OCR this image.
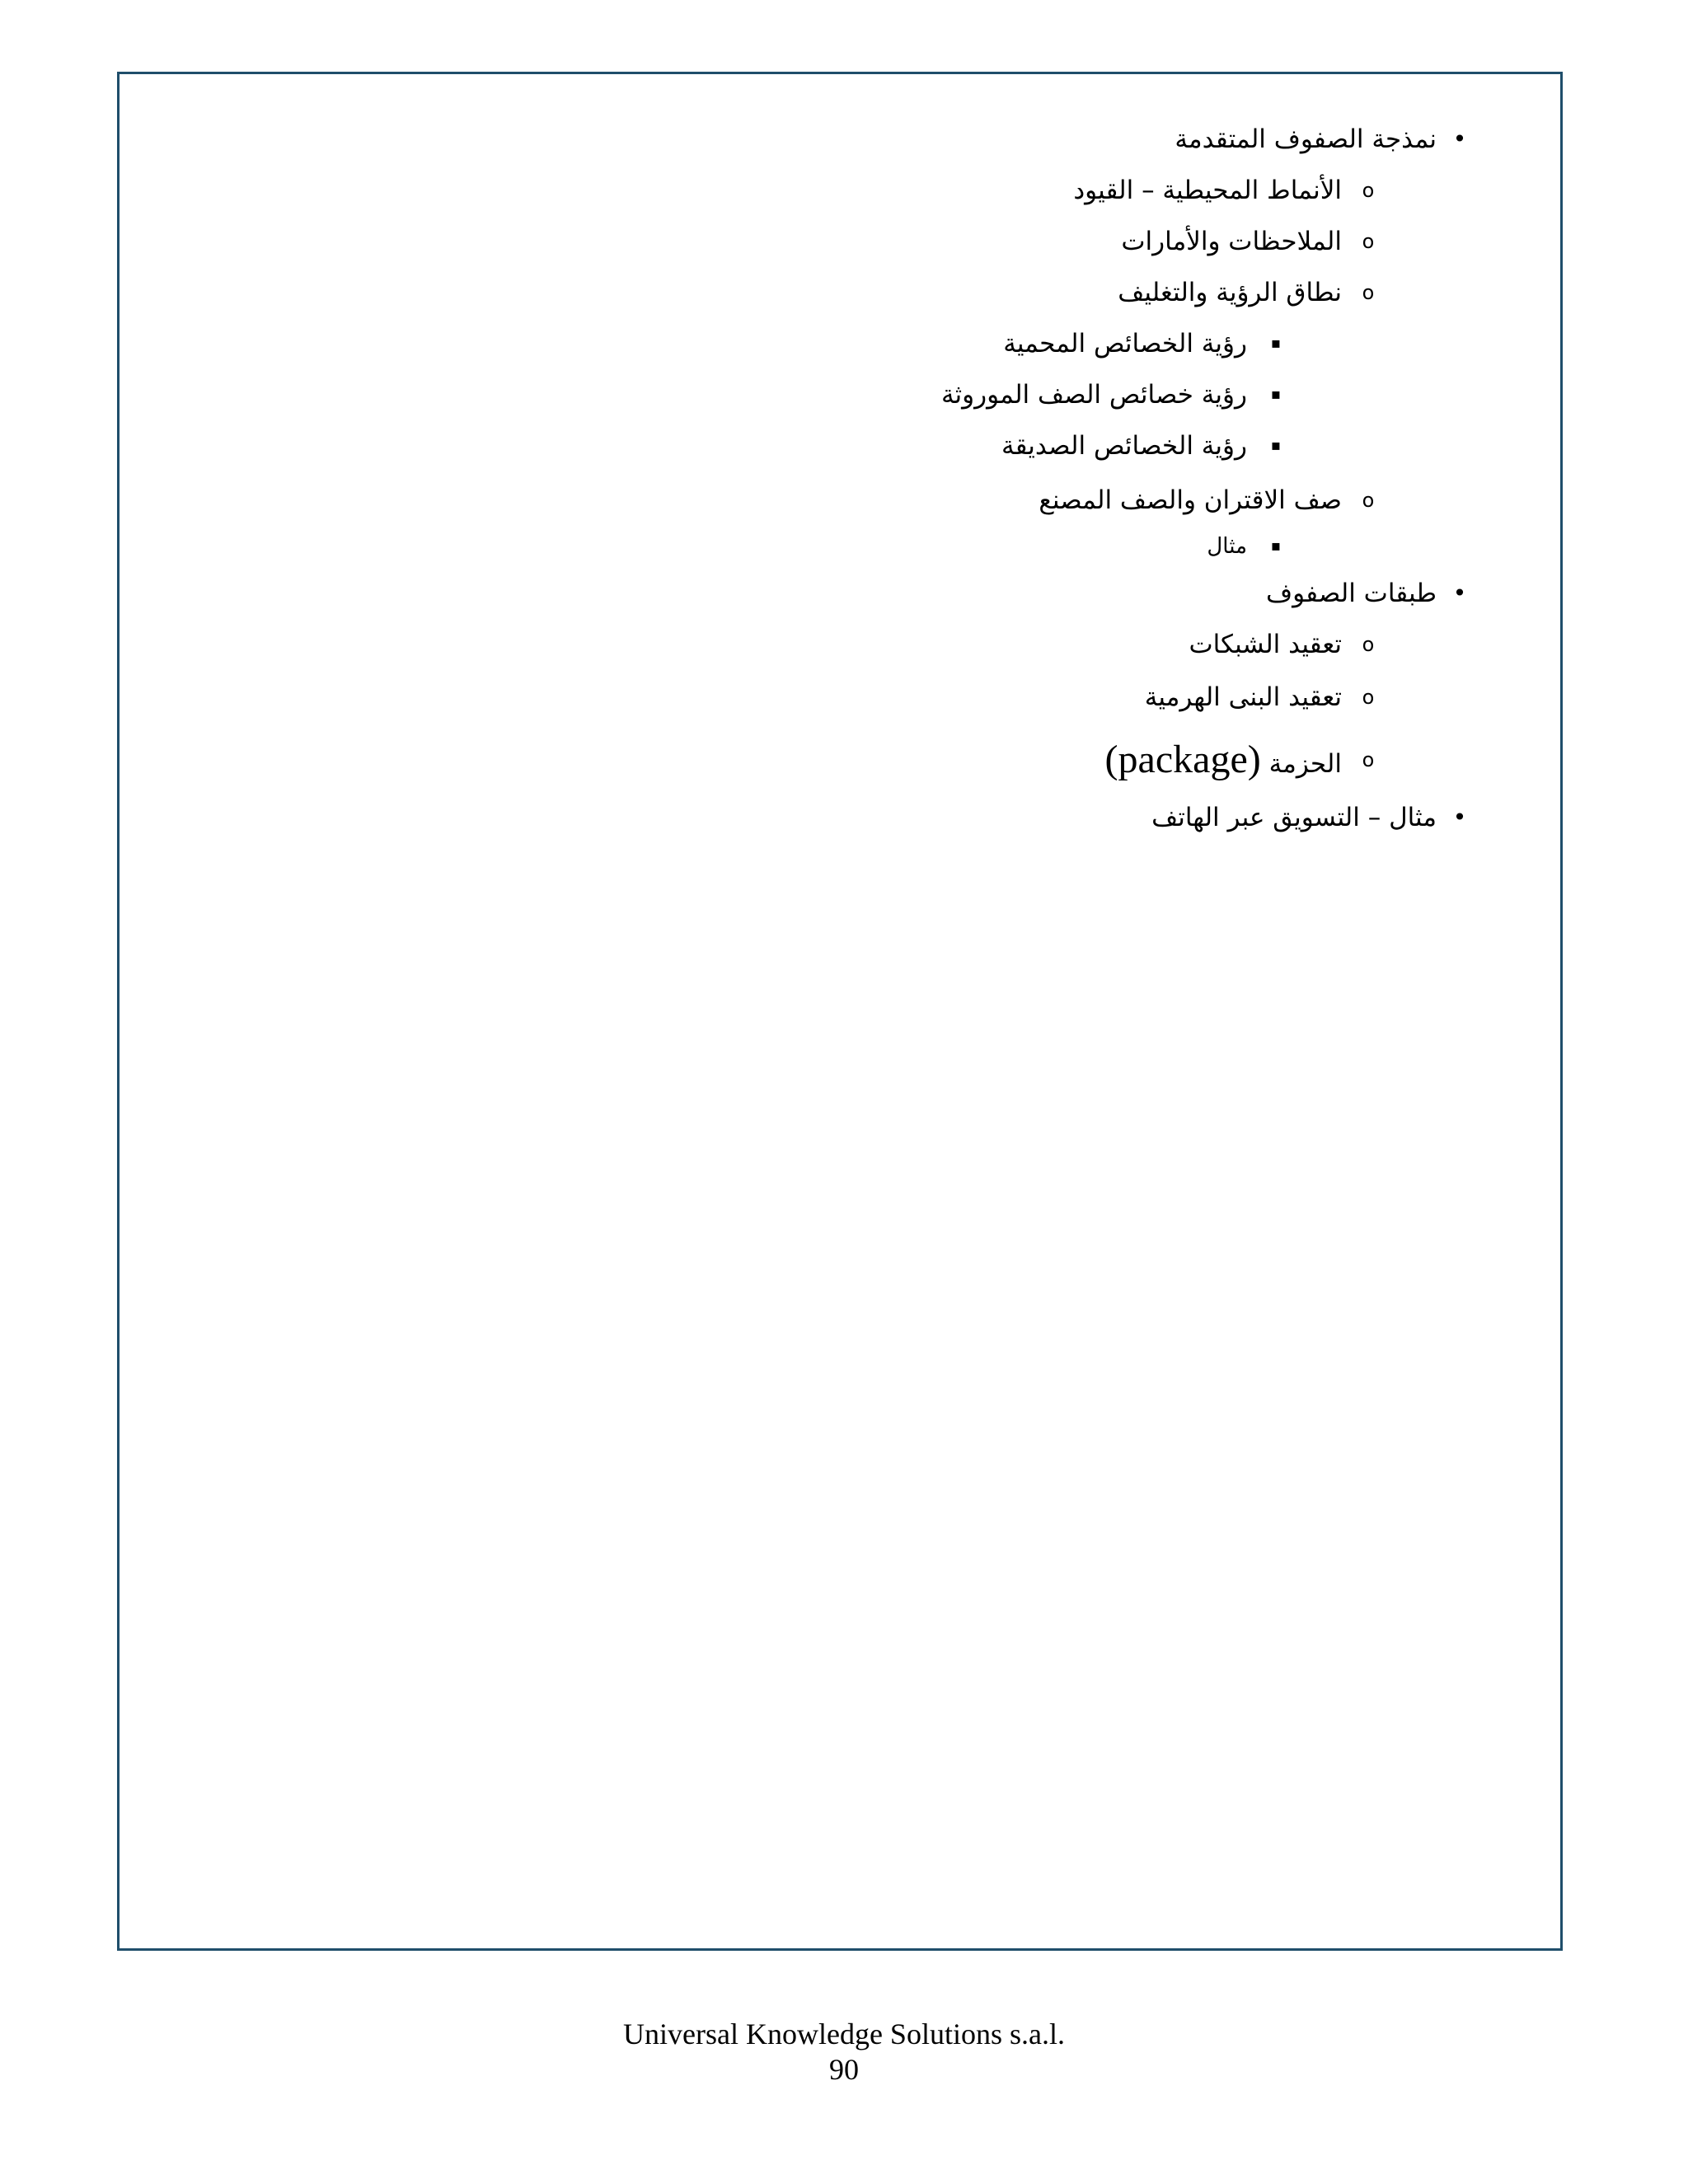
•
نمذجة الصفوف المتقدمة
o
الأنماط المحيطية – القيود
o
الملاحظات والأمارات
o
نطاق الرؤية والتغليف
▪
رؤية الخصائص المحمية
▪
رؤية خصائص الصف الموروثة
▪
رؤية الخصائص الصديقة
o
صف الاقتران والصف المصنع
▪
مثال
•
طبقات الصفوف
o
تعقيد الشبكات
o
تعقيد البنى الهرمية
o
الحزمة (package)
•
مثال – التسويق عبر الهاتف
Universal Knowledge Solutions s.a.l.
90
